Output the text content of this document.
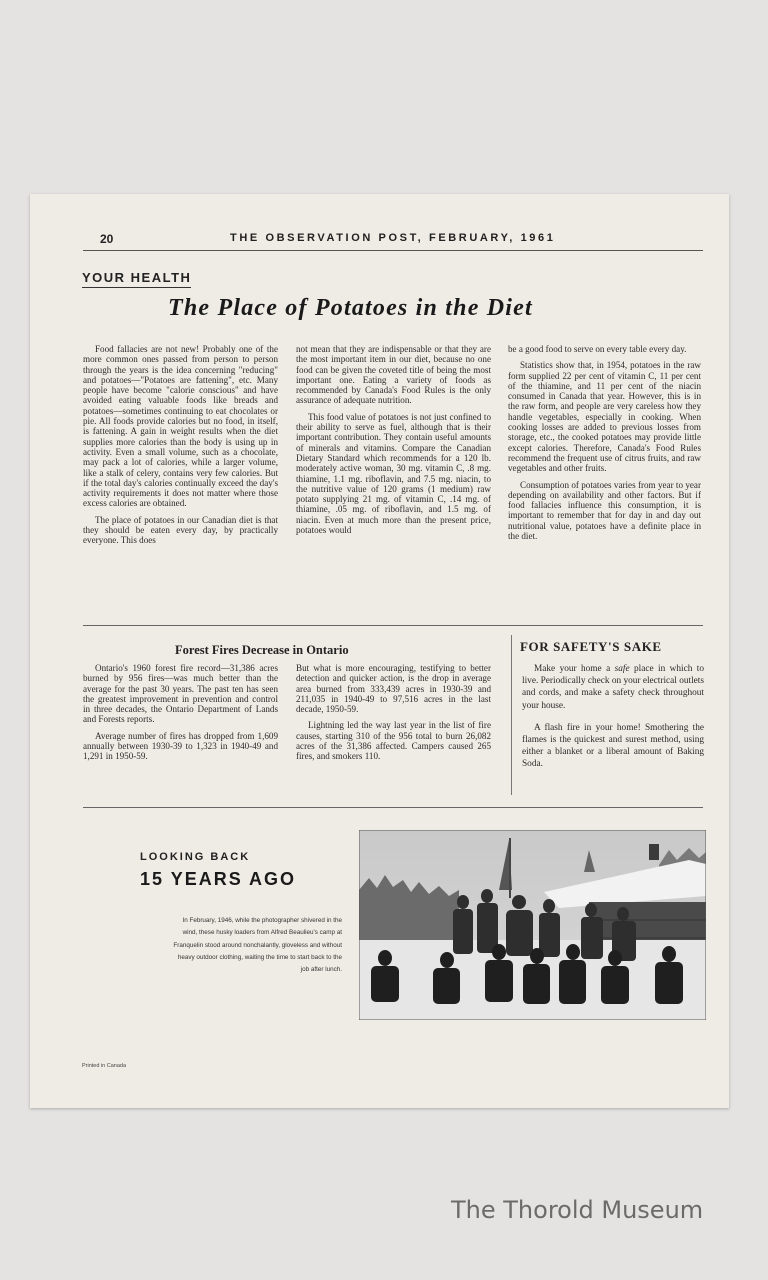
20	THE OBSERVATION POST, FEBRUARY, 1961
YOUR HEALTH
The Place of Potatoes in the Diet

Food fallacies are not new! Probably one of the more common ones passed from person to person through the years is the idea concerning "reducing" and potatoes—"Potatoes are fattening", etc. Many people have become "calorie conscious" and have avoided eating valuable foods like breads and potatoes—sometimes continuing to eat chocolates or pie. All foods provide calories but no food, in itself, is fattening. A gain in weight results when the diet supplies more calories than the body is using up in activity. Even a small volume, such as a chocolate, may pack a lot of calories, while a larger volume, like a stalk of celery, contains very few calories. But if the total day's calories continually exceed the day's activity requirements it does not matter where those excess calories are obtained.

The place of potatoes in our Canadian diet is that they should be eaten every day, by practically everyone. This does

not mean that they are indispensable or that they are the most important item in our diet, because no one food can be given the coveted title of being the most important one. Eating a variety of foods as recommended by Canada's Food Rules is the only assurance of adequate nutrition.

This food value of potatoes is not just confined to their ability to serve as fuel, although that is their important contribution. They contain useful amounts of minerals and vitamins. Compare the Canadian Dietary Standard which recommends for a 120 lb. moderately active woman, 30 mg. vitamin C, .8 mg. thiamine, 1.1 mg. riboflavin, and 7.5 mg. niacin, to the nutritive value of 120 grams (1 medium) raw potato supplying 21 mg. of vitamin C, .14 mg. of thiamine, .05 mg. of riboflavin, and 1.5 mg. of niacin. Even at much more than the present price, potatoes would

be a good food to serve on every table every day.

Statistics show that, in 1954, potatoes in the raw form supplied 22 per cent of vitamin C, 11 per cent of the thiamine, and 11 per cent of the niacin consumed in Canada that year. However, this is in the raw form, and people are very careless how they handle vegetables, especially in cooking. When cooking losses are added to previous losses from storage, etc., the cooked potatoes may provide little except calories. Therefore, Canada's Food Rules recommend the frequent use of citrus fruits, and raw vegetables and other fruits.

Consumption of potatoes varies from year to year depending on availability and other factors. But if food fallacies influence this consumption, it is important to remember that for day in and day out nutritional value, potatoes have a definite place in the diet.

Forest Fires Decrease in Ontario

Ontario's 1960 forest fire record—31,386 acres burned by 956 fires—was much better than the average for the past 30 years. The past ten has seen the greatest improvement in prevention and control in three decades, the Ontario Department of Lands and Forests reports.

Average number of fires has dropped from 1,609 annually between 1930-39 to 1,323 in 1940-49 and 1,291 in 1950-59.

But what is more encouraging, testifying to better detection and quicker action, is the drop in average area burned from 333,439 acres in 1930-39 and 211,035 in 1940-49 to 97,516 acres in the last decade, 1950-59.

Lightning led the way last year in the list of fire causes, starting 310 of the 956 total to burn 26,082 acres of the 31,386 affected. Campers caused 265 fires, and smokers 110.

FOR SAFETY'S SAKE

Make your home a safe place in which to live. Periodically check on your electrical outlets and cords, and make a safety check throughout your house.

A flash fire in your home! Smothering the flames is the quickest and surest method, using either a blanket or a liberal amount of Baking Soda.

LOOKING BACK
15 YEARS AGO
In February, 1946, while the photographer shivered in the wind, these husky loaders from Alfred Beaulieu's camp at Franquelin stood around nonchalantly, gloveless and without heavy outdoor clothing, waiting the time to start back to the job after lunch.
Printed in Canada
The Thorold Museum
